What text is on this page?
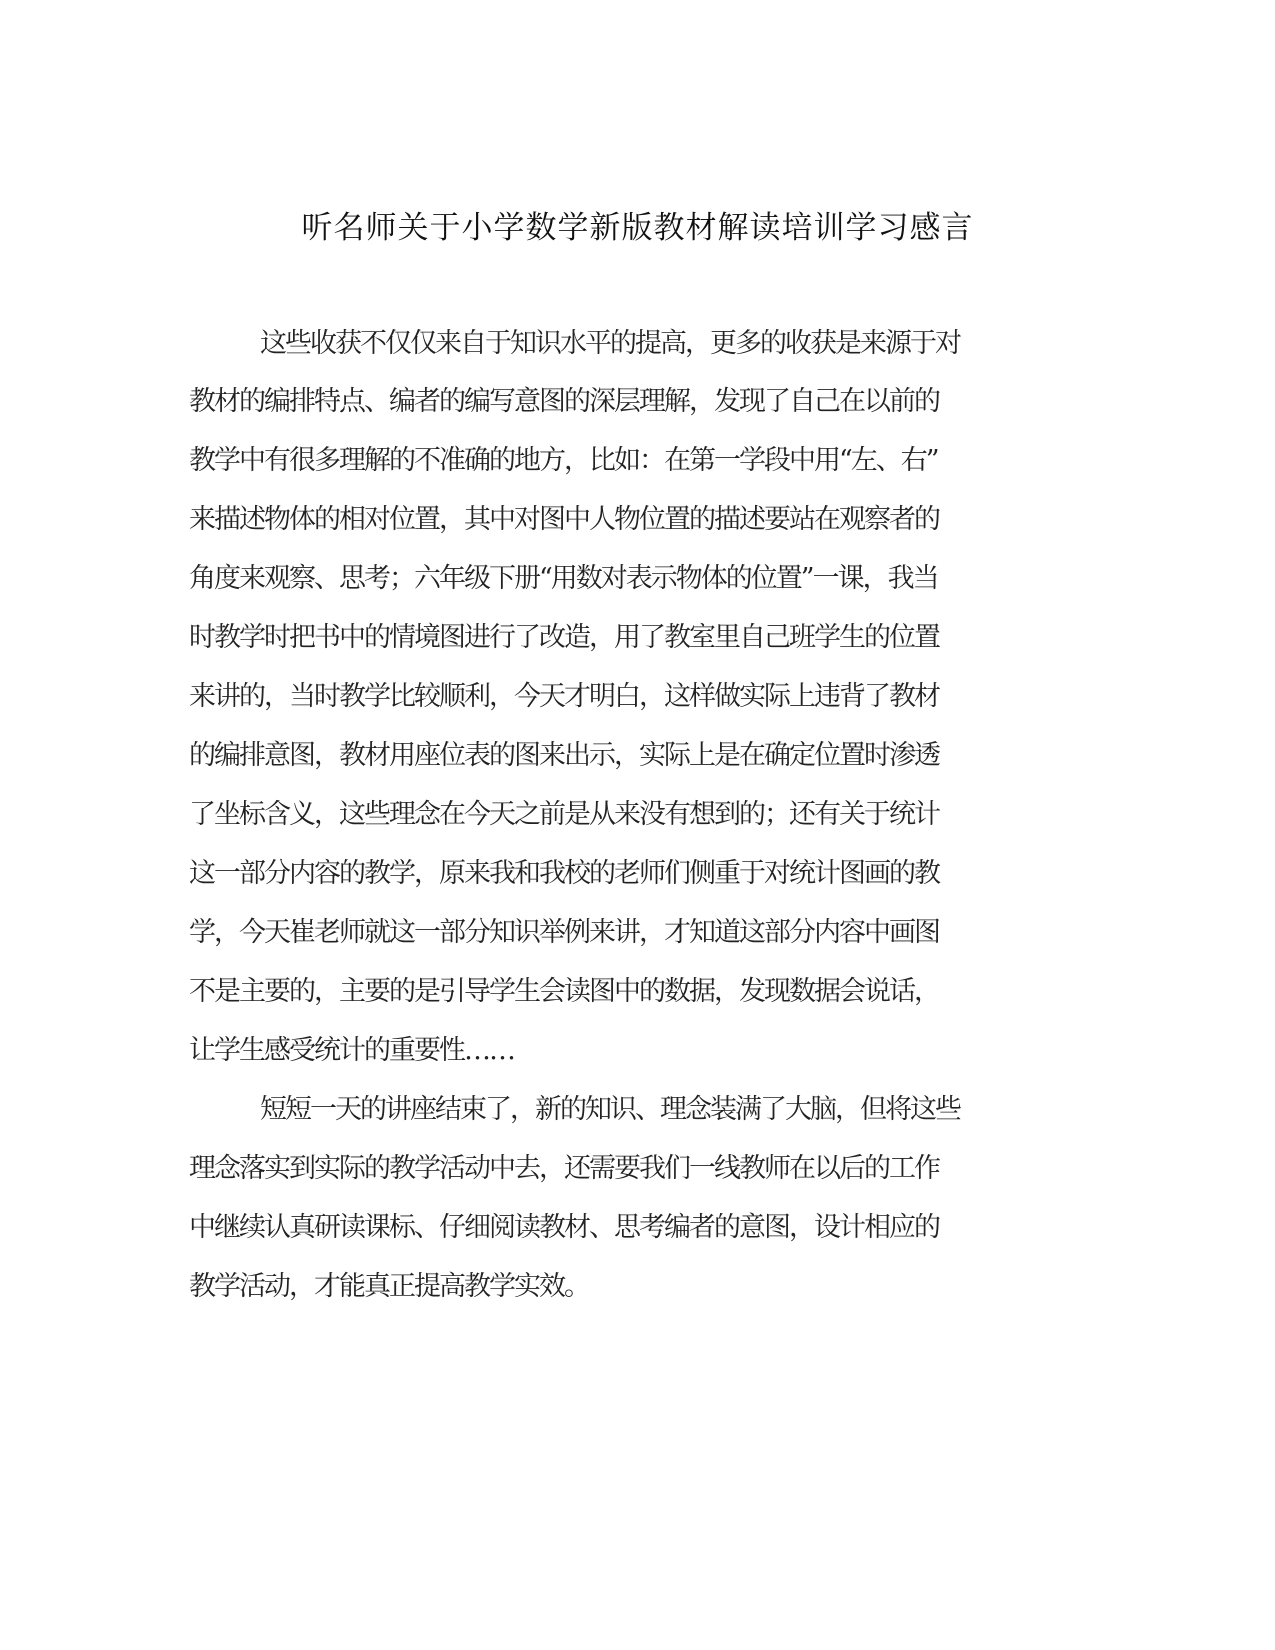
听名师关于小学数学新版教材解读培训学习感言
这些收获不仅仅来自于知识水平的提高，更多的收获是来源于对
教材的编排特点、编者的编写意图的深层理解，发现了自己在以前的
教学中有很多理解的不准确的地方，比如：在第一学段中用“左、右”
来描述物体的相对位置，其中对图中人物位置的描述要站在观察者的
角度来观察、思考；六年级下册“用数对表示物体的位置”一课，我当
时教学时把书中的情境图进行了改造，用了教室里自己班学生的位置
来讲的，当时教学比较顺利，今天才明白，这样做实际上违背了教材
的编排意图，教材用座位表的图来出示，实际上是在确定位置时渗透
了坐标含义，这些理念在今天之前是从来没有想到的；还有关于统计
这一部分内容的教学，原来我和我校的老师们侧重于对统计图画的教
学，今天崔老师就这一部分知识举例来讲，才知道这部分内容中画图
不是主要的，主要的是引导学生会读图中的数据，发现数据会说话，
让学生感受统计的重要性……
短短一天的讲座结束了，新的知识、理念装满了大脑，但将这些
理念落实到实际的教学活动中去，还需要我们一线教师在以后的工作
中继续认真研读课标、仔细阅读教材、思考编者的意图，设计相应的
教学活动，才能真正提高教学实效。
